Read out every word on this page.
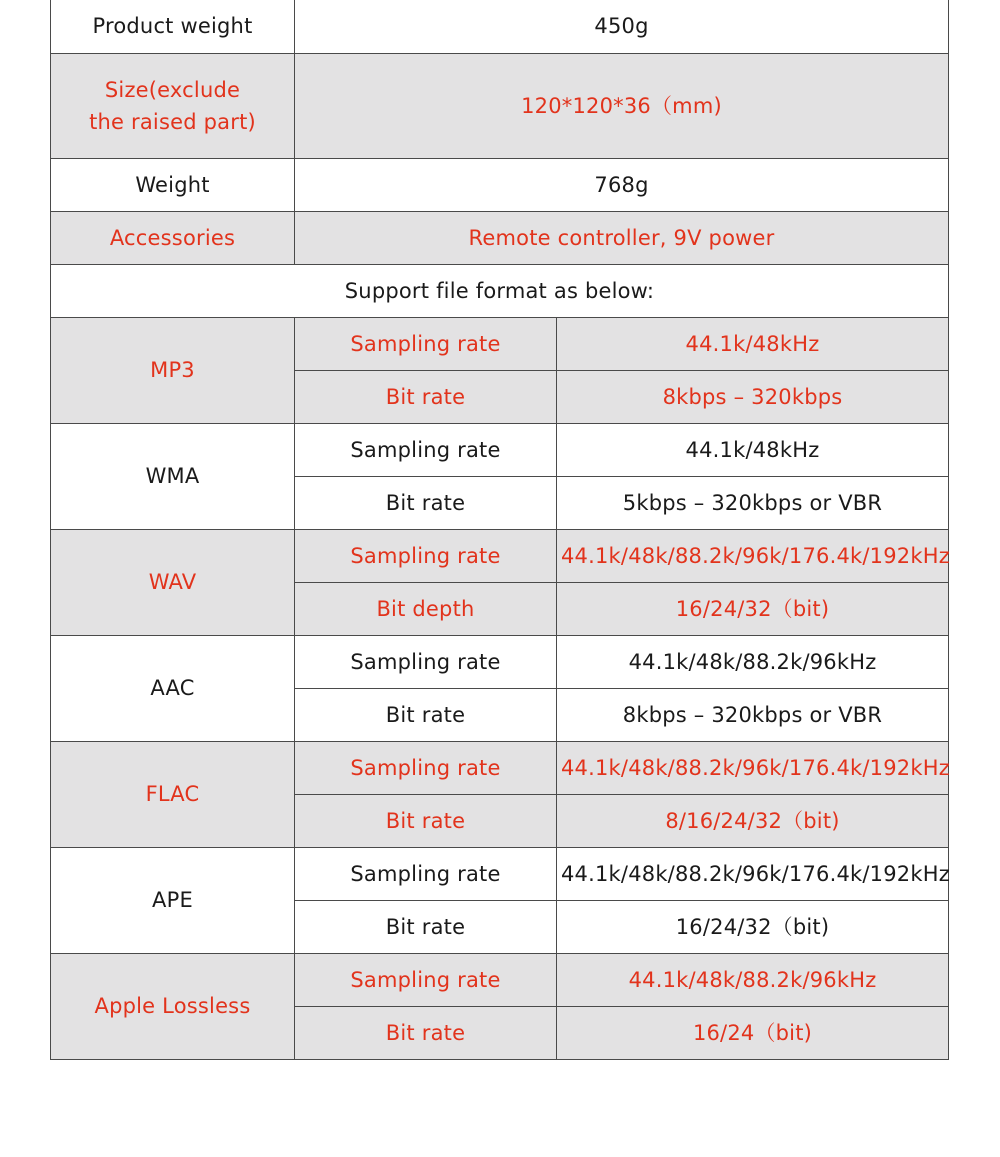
Product weight	450g	
Size(exclude
the raised part)	120*120*36（mm)	
Weight	768g	
Accessories	Remote controller, 9V power	
Support file format as below:		
MP3	Sampling rate	44.1k/48kHz
	Bit rate	8kbps – 320kbps
WMA	Sampling rate	44.1k/48kHz
	Bit rate	5kbps – 320kbps or VBR
WAV	Sampling rate	44.1k/48k/88.2k/96k/176.4k/192kHz
	Bit depth	16/24/32（bit)
AAC	Sampling rate	44.1k/48k/88.2k/96kHz
	Bit rate	8kbps – 320kbps or VBR
FLAC	Sampling rate	44.1k/48k/88.2k/96k/176.4k/192kHz
	Bit rate	8/16/24/32（bit)
APE	Sampling rate	44.1k/48k/88.2k/96k/176.4k/192kHz
	Bit rate	16/24/32（bit)
Apple Lossless	Sampling rate	44.1k/48k/88.2k/96kHz
	Bit rate	16/24（bit)
